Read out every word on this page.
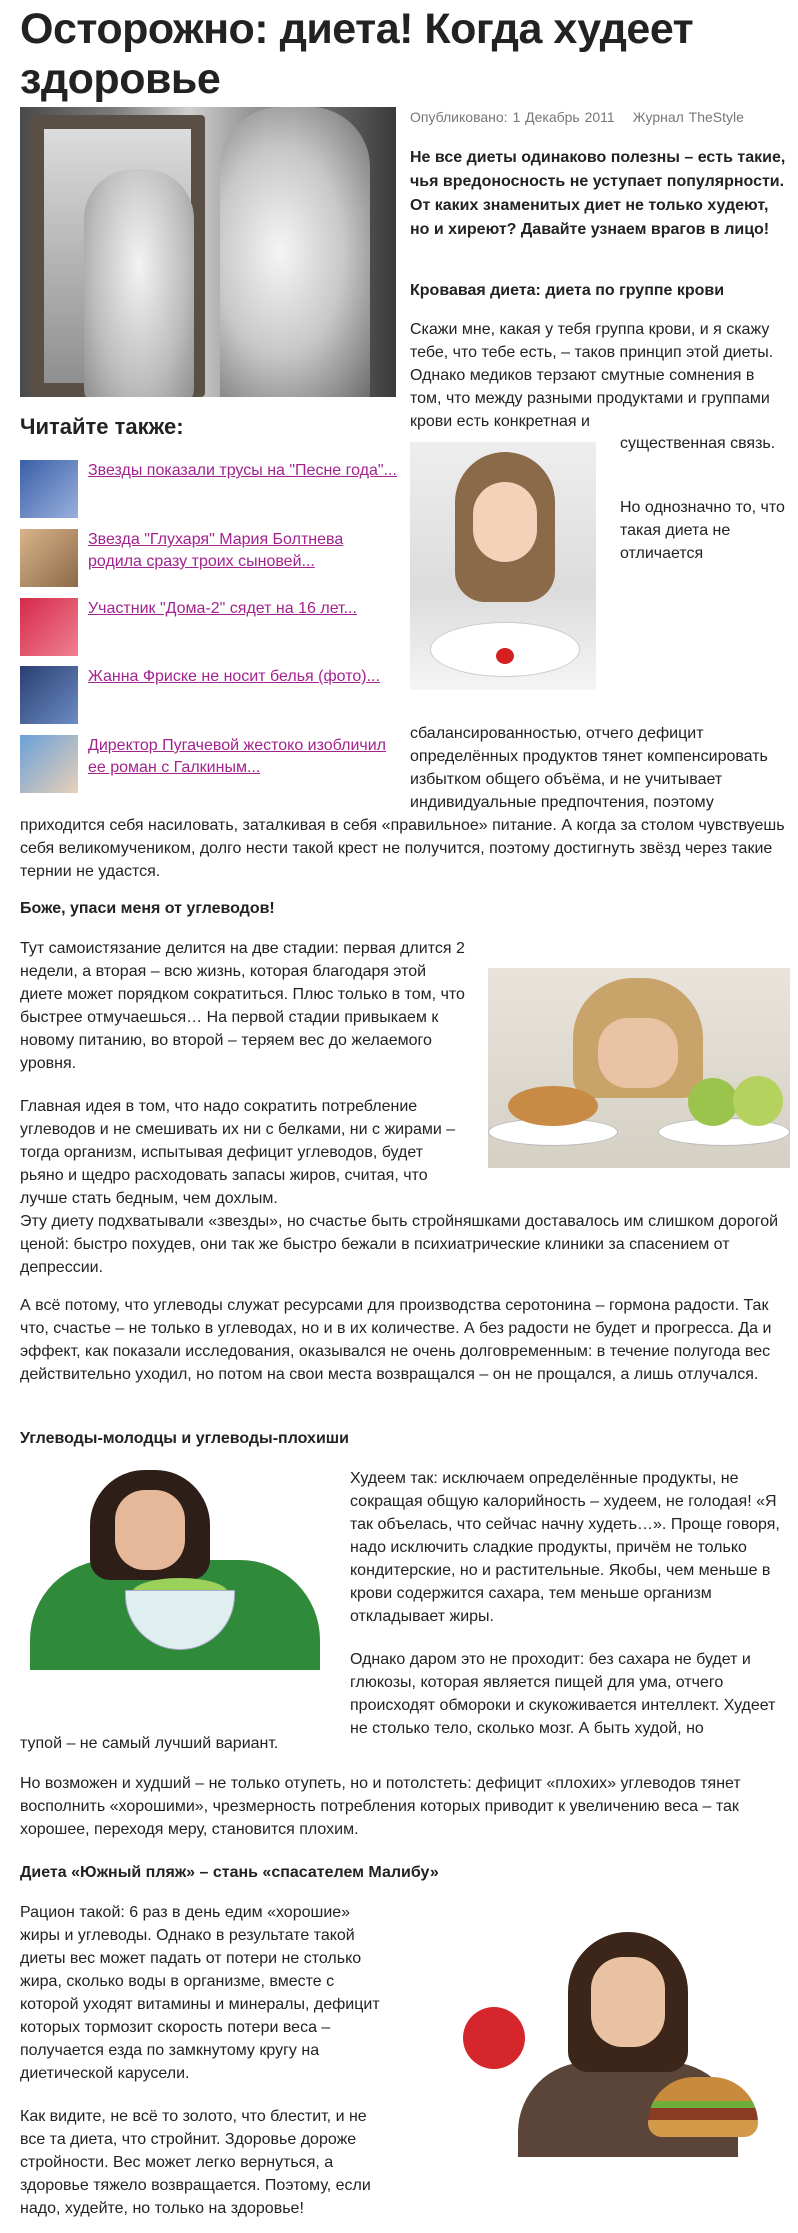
Осторожно: диета! Когда худеет здоровье
Опубликовано: 1 Декабрь 2011 Журнал TheStyle
Не все диеты одинаково полезны – есть такие, чья вредоносность не уступает популярности. От каких знаменитых диет не только худеют, но и хиреют? Давайте узнаем врагов в лицо!
Кровавая диета: диета по группе крови

Скажи мне, какая у тебя группа крови, и я скажу тебе, что тебе есть, – таков принцип этой диеты. Однако медиков терзают смутные сомнения в том, что между разными продуктами и группами крови есть конкретная и

Читайте также:
Звезды показали трусы на "Песне года"...
Звезда "Глухаря" Мария Болтнева родила сразу троих сыновей...
Участник "Дома-2" сядет на 16 лет...
Жанна Фриске не носит белья (фото)...
Директор Пугачевой жестоко изобличил ее роман с Галкиным...

существенная связь.

Но однозначно то, что такая диета не отличается

сбалансированностью, отчего дефицит определённых продуктов тянет компенсировать избытком общего объёма, и не учитывает индивидуальные предпочтения, поэтому

приходится себя насиловать, заталкивая в себя «правильное» питание. А когда за столом чувствуешь себя великомучеником, долго нести такой крест не получится, поэтому достигнуть звёзд через такие тернии не удастся.

Боже, упаси меня от углеводов!

Тут самоистязание делится на две стадии: первая длится 2 недели, а вторая – всю жизнь, которая благодаря этой диете может порядком сократиться. Плюс только в том, что быстрее отмучаешься… На первой стадии привыкаем к новому питанию, во второй – теряем вес до желаемого уровня.

Главная идея в том, что надо сократить потребление углеводов и не смешивать их ни с белками, ни с жирами – тогда организм, испытывая дефицит углеводов, будет рьяно и щедро расходовать запасы жиров, считая, что лучше стать бедным, чем дохлым.

Эту диету подхватывали «звезды», но счастье быть стройняшками доставалось им слишком дорогой ценой: быстро похудев, они так же быстро бежали в психиатрические клиники за спасением от депрессии.

А всё потому, что углеводы служат ресурсами для производства серотонина – гормона радости. Так что, счастье – не только в углеводах, но и в их количестве. А без радости не будет и прогресса. Да и эффект, как показали исследования, оказывался не очень долговременным: в течение полугода вес действительно уходил, но потом на свои места возвращался – он не прощался, а лишь отлучался.

Углеводы-молодцы и углеводы-плохиши

Худеем так: исключаем определённые продукты, не сокращая общую калорийность – худеем, не голодая! «Я так объелась, что сейчас начну худеть…». Проще говоря, надо исключить сладкие продукты, причём не только кондитерские, но и растительные. Якобы, чем меньше в крови содержится сахара, тем меньше организм откладывает жиры.

Однако даром это не проходит: без сахара не будет и глюкозы, которая является пищей для ума, отчего происходят обмороки и скукоживается интеллект. Худеет не столько тело, сколько мозг. А быть худой, но

тупой – не самый лучший вариант.

Но возможен и худший – не только отупеть, но и потолстеть: дефицит «плохих» углеводов тянет восполнить «хорошими», чрезмерность потребления которых приводит к увеличению веса – так хорошее, переходя меру, становится плохим.

Диета «Южный пляж» – стань «спасателем Малибу»

Рацион такой: 6 раз в день едим «хорошие» жиры и углеводы. Однако в результате такой диеты вес может падать от потери не столько жира, сколько воды в организме, вместе с которой уходят витамины и минералы, дефицит которых тормозит скорость потери веса – получается езда по замкнутому кругу на диетической карусели.

Как видите, не всё то золото, что блестит, и не все та диета, что стройнит. Здоровье дороже стройности. Вес может легко вернуться, а здоровье тяжело возвращается. Поэтому, если надо, худейте, но только на здоровье!
